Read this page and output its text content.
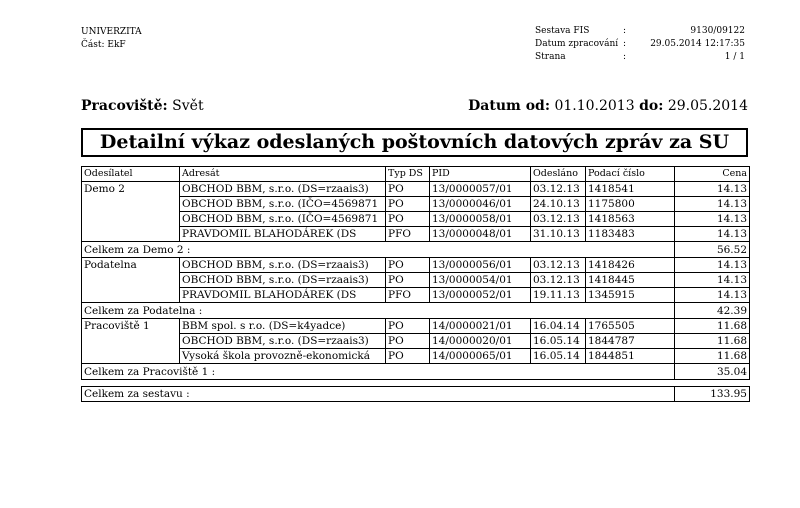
UNIVERZITA
Část: EkF
Sestava FIS	:	9130/09122
Datum zpracování :	29.05.2014 12:17:35
Strana	:	1 / 1
Pracoviště: Svět	Datum od: 01.10.2013 do: 29.05.2014
Detailní výkaz odeslaných poštovních datových zpráv za SU
Odesílatel	Adresát	Typ DS	PID	Odesláno	Podací číslo	Cena
Demo 2	OBCHOD BBM, s.r.o. (DS=rzaais3)	PO	13/0000057/01	03.12.13	1418541	14.13
	OBCHOD BBM, s.r.o. (IČO=4569871	PO	13/0000046/01	24.10.13	1175800	14.13
	OBCHOD BBM, s.r.o. (IČO=4569871	PO	13/0000058/01	03.12.13	1418563	14.13
	PRAVDOMIL BLAHODÁREK (DS	PFO	13/0000048/01	31.10.13	1183483	14.13
Celkem za Demo 2 :						56.52
Podatelna	OBCHOD BBM, s.r.o. (DS=rzaais3)	PO	13/0000056/01	03.12.13	1418426	14.13
	OBCHOD BBM, s.r.o. (DS=rzaais3)	PO	13/0000054/01	03.12.13	1418445	14.13
	PRAVDOMIL BLAHODÁREK (DS	PFO	13/0000052/01	19.11.13	1345915	14.13
Celkem za Podatelna :						42.39
Pracoviště 1	BBM spol. s r.o. (DS=k4yadce)	PO	14/0000021/01	16.04.14	1765505	11.68
	OBCHOD BBM, s.r.o. (DS=rzaais3)	PO	14/0000020/01	16.05.14	1844787	11.68
	Vysoká škola provozně-ekonomická	PO	14/0000065/01	16.05.14	1844851	11.68
Celkem za Pracoviště 1 :						35.04

Celkem za sestavu :						133.95
